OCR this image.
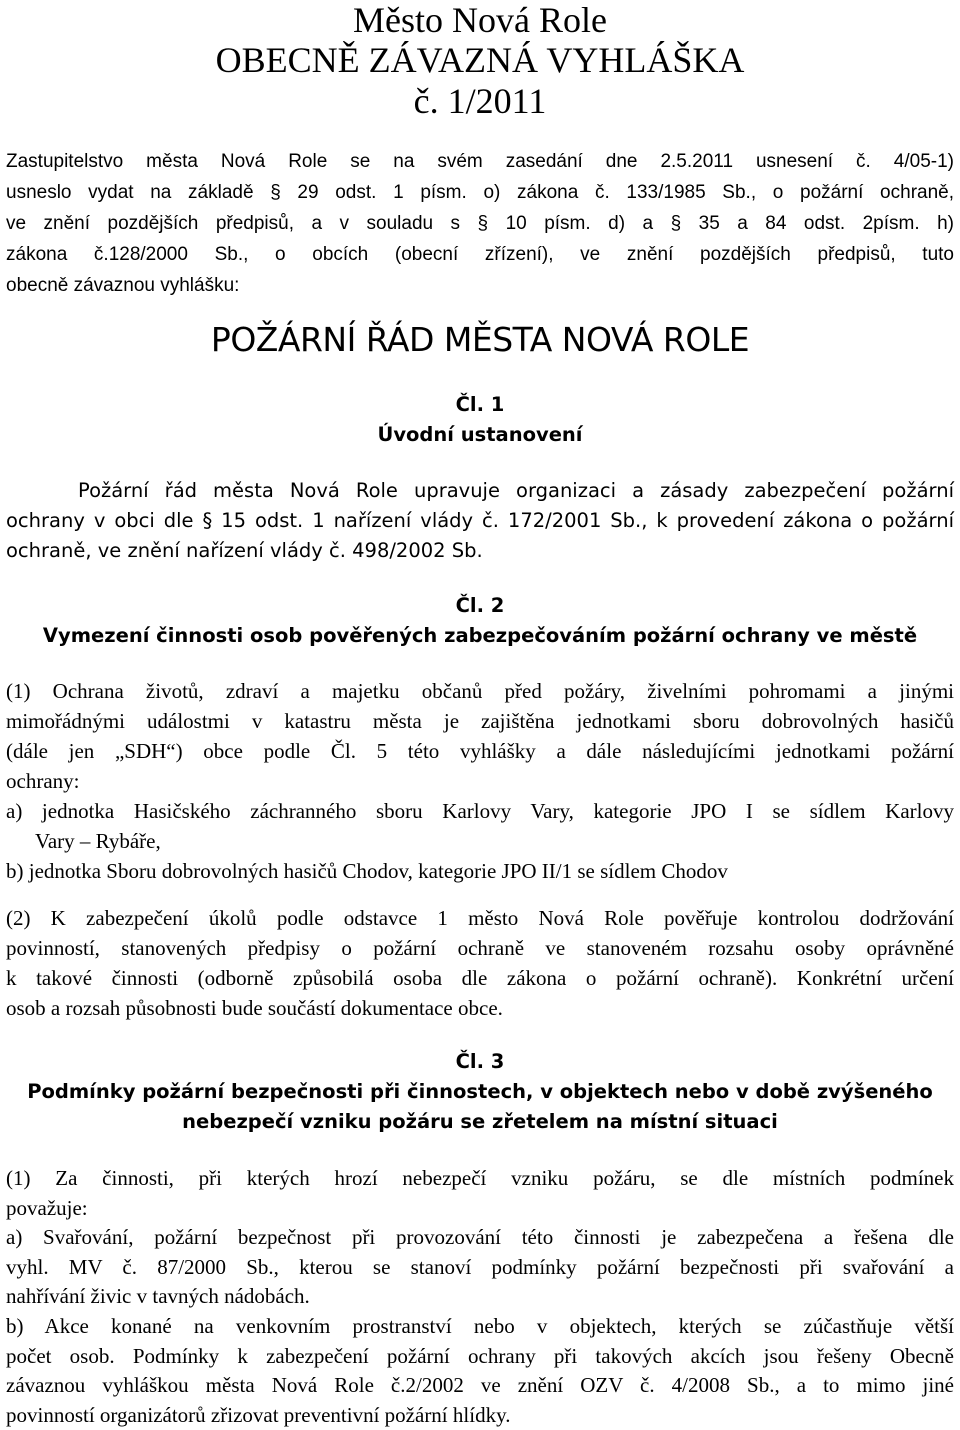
Město Nová Role
OBECNĚ ZÁVAZNÁ VYHLÁŠKA
č. 1/2011
Zastupitelstvo města Nová Role se na svém zasedání dne 2.5.2011 usnesení č. 4/05-1)
usneslo vydat na základě § 29 odst. 1 písm. o) zákona č. 133/1985 Sb., o požární ochraně,
ve znění pozdějších předpisů, a v souladu s § 10 písm. d) a § 35 a 84 odst. 2písm. h)
zákona č.128/2000 Sb., o obcích (obecní zřízení), ve znění pozdějších předpisů, tuto
obecně závaznou vyhlášku:
POŽÁRNÍ ŘÁD MĚSTA NOVÁ ROLE
Čl. 1
Úvodní ustanovení
Požární řád města Nová Role upravuje organizaci a zásady zabezpečení požární
ochrany v obci dle § 15 odst. 1 nařízení vlády č. 172/2001 Sb., k provedení zákona o požární
ochraně, ve znění nařízení vlády č. 498/2002 Sb.
Čl. 2
Vymezení činnosti osob pověřených zabezpečováním požární ochrany ve městě
(1) Ochrana životů, zdraví a majetku občanů před požáry, živelními pohromami a jinými
mimořádnými událostmi v katastru města je zajištěna jednotkami sboru dobrovolných hasičů
(dále jen „SDH“) obce podle Čl. 5 této vyhlášky a dále následujícími jednotkami požární
ochrany:
a) jednotka Hasičského záchranného sboru Karlovy Vary, kategorie JPO I se sídlem Karlovy
Vary – Rybáře,
b) jednotka Sboru dobrovolných hasičů Chodov, kategorie JPO II/1 se sídlem Chodov
(2) K zabezpečení úkolů podle odstavce 1 město Nová Role pověřuje kontrolou dodržování
povinností, stanovených předpisy o požární ochraně ve stanoveném rozsahu osoby oprávněné
k takové činnosti (odborně způsobilá osoba dle zákona o požární ochraně). Konkrétní určení
osob a rozsah působnosti bude součástí dokumentace obce.
Čl. 3
Podmínky požární bezpečnosti při činnostech, v objektech nebo v době zvýšeného
nebezpečí vzniku požáru se zřetelem na místní situaci
(1) Za činnosti, při kterých hrozí nebezpečí vzniku požáru, se dle místních podmínek
považuje:
a) Svařování, požární bezpečnost při provozování této činnosti je zabezpečena a řešena dle
vyhl. MV č. 87/2000 Sb., kterou se stanoví podmínky požární bezpečnosti při svařování a
nahřívání živic v tavných nádobách.
b) Akce konané na venkovním prostranství nebo v objektech, kterých se zúčastňuje větší
počet osob. Podmínky k zabezpečení požární ochrany při takových akcích jsou řešeny Obecně
závaznou vyhláškou města Nová Role č.2/2002 ve znění OZV č. 4/2008 Sb., a to mimo jiné
povinností organizátorů zřizovat preventivní požární hlídky.
